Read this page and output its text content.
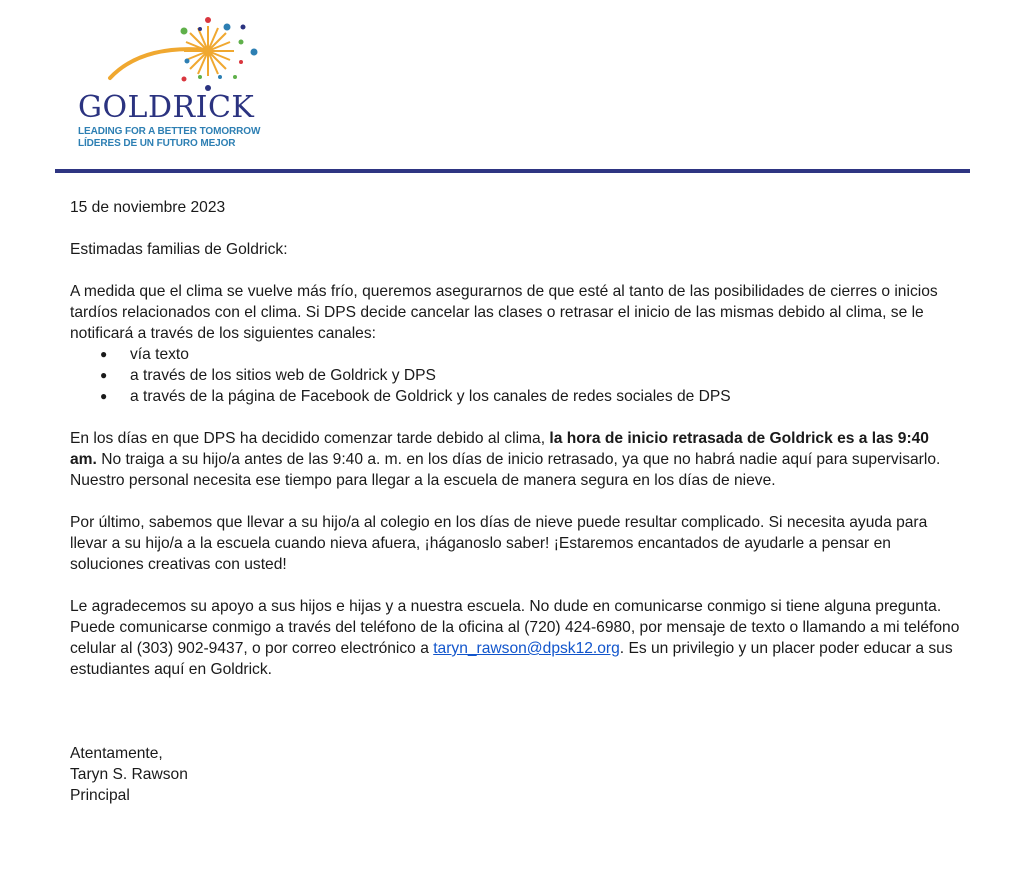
GOLDRICK
LEADING FOR A BETTER TOMORROW
LÍDERES DE UN FUTURO MEJOR

15 de noviembre 2023

Estimadas familias de Goldrick:

A medida que el clima se vuelve más frío, queremos asegurarnos de que esté al tanto de las posibilidades de cierres o inicios tardíos relacionados con el clima. Si DPS decide cancelar las clases o retrasar el inicio de las mismas debido al clima, se le notificará a través de los siguientes canales:

● vía texto
● a través de los sitios web de Goldrick y DPS
● a través de la página de Facebook de Goldrick y los canales de redes sociales de DPS

En los días en que DPS ha decidido comenzar tarde debido al clima, la hora de inicio retrasada de Goldrick es a las 9:40 am. No traiga a su hijo/a antes de las 9:40 a. m. en los días de inicio retrasado, ya que no habrá nadie aquí para supervisarlo. Nuestro personal necesita ese tiempo para llegar a la escuela de manera segura en los días de nieve.

Por último, sabemos que llevar a su hijo/a al colegio en los días de nieve puede resultar complicado. Si necesita ayuda para llevar a su hijo/a a la escuela cuando nieva afuera, ¡háganoslo saber! ¡Estaremos encantados de ayudarle a pensar en soluciones creativas con usted!

Le agradecemos su apoyo a sus hijos e hijas y a nuestra escuela. No dude en comunicarse conmigo si tiene alguna pregunta. Puede comunicarse conmigo a través del teléfono de la oficina al (720) 424-6980, por mensaje de texto o llamando a mi teléfono celular al (303) 902-9437, o por correo electrónico a taryn_rawson@dpsk12.org. Es un privilegio y un placer poder educar a sus estudiantes aquí en Goldrick.

Atentamente,
Taryn S. Rawson
Principal
